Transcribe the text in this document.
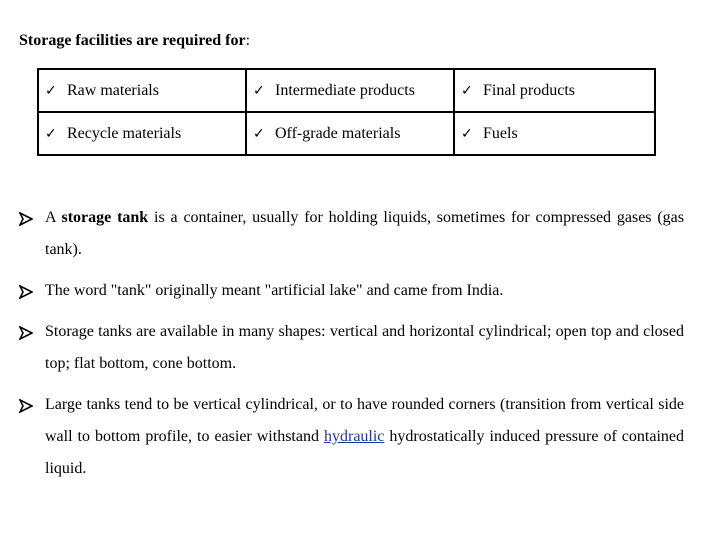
Storage facilities are required for:
✓ Raw materials	✓ Intermediate products	✓ Final products
✓ Recycle materials	✓ Off-grade materials	✓ Fuels
A storage tank is a container, usually for holding liquids, sometimes for compressed gases (gas tank).
The word "tank" originally meant "artificial lake" and came from India.
Storage tanks are available in many shapes: vertical and horizontal cylindrical; open top and closed top; flat bottom, cone bottom.
Large tanks tend to be vertical cylindrical, or to have rounded corners (transition from vertical side wall to bottom profile, to easier withstand hydraulic hydrostatically induced pressure of contained liquid.
